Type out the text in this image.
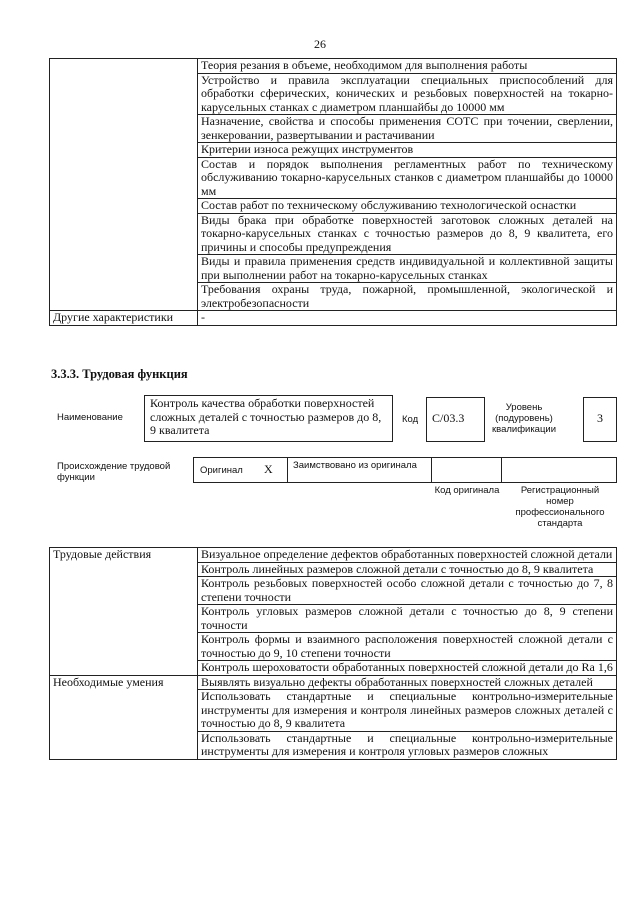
26
	Теория резания в объеме, необходимом для выполнения работы
	Устройство и правила эксплуатации специальных приспособлений для обработки сферических, конических и резьбовых поверхностей на токарно-карусельных станках с диаметром планшайбы до 10000 мм
	Назначение, свойства и способы применения СОТС при точении, сверлении, зенкеровании, развертывании и растачивании
	Критерии износа режущих инструментов
	Состав и порядок выполнения регламентных работ по техническому обслуживанию токарно-карусельных станков с диаметром планшайбы до 10000 мм
	Состав работ по техническому обслуживанию технологической оснастки
	Виды брака при обработке поверхностей заготовок сложных деталей на токарно-карусельных станках с точностью размеров до 8, 9 квалитета, его причины и способы предупреждения
	Виды и правила применения средств индивидуальной и коллективной защиты при выполнении работ на токарно-карусельных станках
	Требования охраны труда, пожарной, промышленной, экологической и электробезопасности
Другие характеристики	-
3.3.3. Трудовая функция
Наименование
Контроль качества обработки поверхностей сложных деталей с точностью размеров до 8, 9 квалитета
Код	C/03.3
Уровень (подуровень) квалификации
3
Происхождение трудовой функции
Оригинал Х Заимствовано из оригинала
Код оригинала	Регистрационный номер профессионального стандарта
Трудовые действия	Визуальное определение дефектов обработанных поверхностей сложной детали
	Контроль линейных размеров сложной детали с точностью до 8, 9 квалитета
	Контроль резьбовых поверхностей особо сложной детали с точностью до 7, 8 степени точности
	Контроль угловых размеров сложной детали с точностью до 8, 9 степени точности
	Контроль формы и взаимного расположения поверхностей сложной детали с точностью до 9, 10 степени точности
	Контроль шероховатости обработанных поверхностей сложной детали до Ra 1,6
Необходимые умения	Выявлять визуально дефекты обработанных поверхностей сложных деталей
	Использовать стандартные и специальные контрольно-измерительные инструменты для измерения и контроля линейных размеров сложных деталей с точностью до 8, 9 квалитета
	Использовать стандартные и специальные контрольно-измерительные инструменты для измерения и контроля угловых размеров сложных
